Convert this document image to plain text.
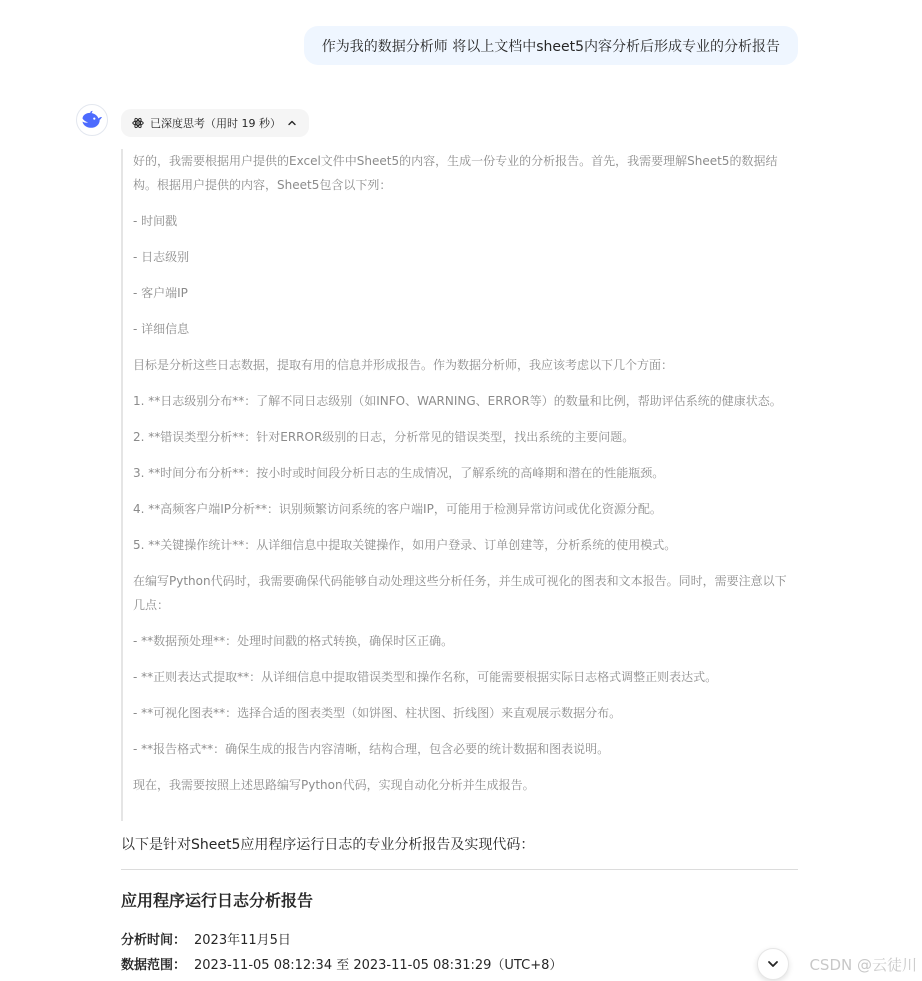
作为我的数据分析师 将以上文档中sheet5内容分析后形成专业的分析报告
已深度思考（用时 19 秒）

好的，我需要根据用户提供的Excel文件中Sheet5的内容，生成一份专业的分析报告。首先，我需要理解Sheet5的数据结构。根据用户提供的内容，Sheet5包含以下列：

- 时间戳

- 日志级别

- 客户端IP

- 详细信息

目标是分析这些日志数据，提取有用的信息并形成报告。作为数据分析师，我应该考虑以下几个方面：

1. **日志级别分布**：了解不同日志级别（如INFO、WARNING、ERROR等）的数量和比例，帮助评估系统的健康状态。

2. **错误类型分析**：针对ERROR级别的日志，分析常见的错误类型，找出系统的主要问题。

3. **时间分布分析**：按小时或时间段分析日志的生成情况，了解系统的高峰期和潜在的性能瓶颈。

4. **高频客户端IP分析**：识别频繁访问系统的客户端IP，可能用于检测异常访问或优化资源分配。

5. **关键操作统计**：从详细信息中提取关键操作，如用户登录、订单创建等，分析系统的使用模式。

在编写Python代码时，我需要确保代码能够自动处理这些分析任务，并生成可视化的图表和文本报告。同时，需要注意以下几点：

- **数据预处理**：处理时间戳的格式转换，确保时区正确。

- **正则表达式提取**：从详细信息中提取错误类型和操作名称，可能需要根据实际日志格式调整正则表达式。

- **可视化图表**：选择合适的图表类型（如饼图、柱状图、折线图）来直观展示数据分布。

- **报告格式**：确保生成的报告内容清晰，结构合理，包含必要的统计数据和图表说明。

现在，我需要按照上述思路编写Python代码，实现自动化分析并生成报告。

以下是针对Sheet5应用程序运行日志的专业分析报告及实现代码：
应用程序运行日志分析报告
分析时间： 2023年11月5日
数据范围： 2023-11-05 08:12:34 至 2023-11-05 08:31:29（UTC+8）	CSDN @云徒川
